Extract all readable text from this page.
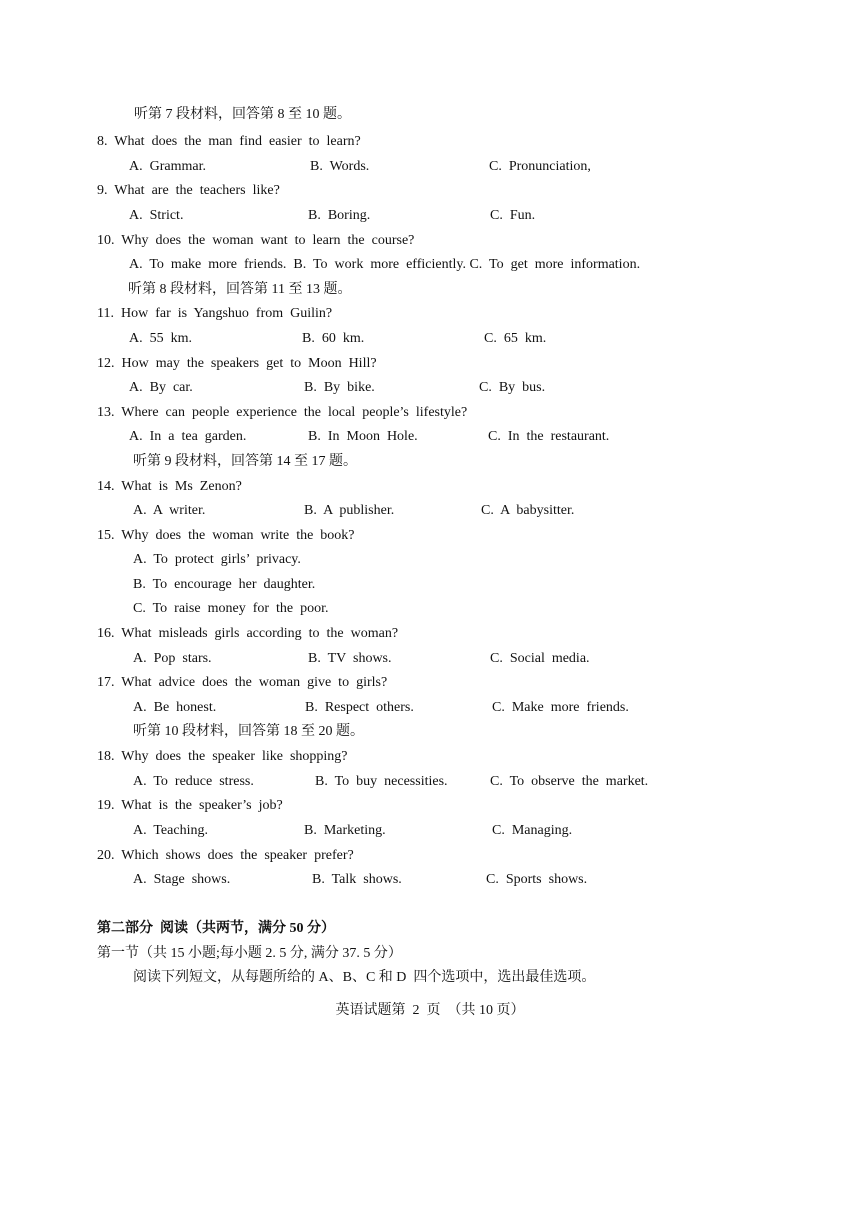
听第 7 段材料，回答第 8 至 10 题。
8.  What  does  the  man  find  easier  to  learn?
A.  Grammar.	B.  Words.	C.  Pronunciation,
9.  What  are  the  teachers  like?
A.  Strict.	B.  Boring.	C.  Fun.
10.  Why  does  the  woman  want  to  learn  the  course?
A.  To  make  more  friends.  B.  To  work  more  efficiently. C.  To  get  more  information.
听第 8 段材料，回答第 11 至 13 题。
11.  How  far  is  Yangshuo  from  Guilin?
A.  55  km.	B.  60  km.	C.  65  km.
12.  How  may  the  speakers  get  to  Moon  Hill?
A.  By  car.	B.  By  bike.	C.  By  bus.
13.  Where  can  people  experience  the  local  people’s  lifestyle?
A.  In  a  tea  garden.	B.  In  Moon  Hole.	C.  In  the  restaurant.
听第 9 段材料，回答第 14 至 17 题。
14.  What  is  Ms  Zenon?
A.  A  writer.	B.  A  publisher.	C.  A  babysitter.
15.  Why  does  the  woman  write  the  book?
A.  To  protect  girls’  privacy.
B.  To  encourage  her  daughter.
C.  To  raise  money  for  the  poor.
16.  What  misleads  girls  according  to  the  woman?
A.  Pop  stars.	B.  TV  shows.	C.  Social  media.
17.  What  advice  does  the  woman  give  to  girls?
A.  Be  honest.	B.  Respect  others.	C.  Make  more  friends.
听第 10 段材料，回答第 18 至 20 题。
18.  Why  does  the  speaker  like  shopping?
A.  To  reduce  stress.	B.  To  buy  necessities.	C.  To  observe  the  market.
19.  What  is  the  speaker’s  job?
A.  Teaching.	B.  Marketing.	C.  Managing.
20.  Which  shows  does  the  speaker  prefer?
A.  Stage  shows.	B.  Talk  shows.	C.  Sports  shows.
第二部分  阅读（共两节，满分 50 分）
第一节（共 15 小题;每小题 2. 5 分, 满分 37. 5 分）
阅读下列短文，从每题所给的 A、B、C 和 D  四个选项中，选出最佳选项。
英语试题第  2  页  （共 10 页）
